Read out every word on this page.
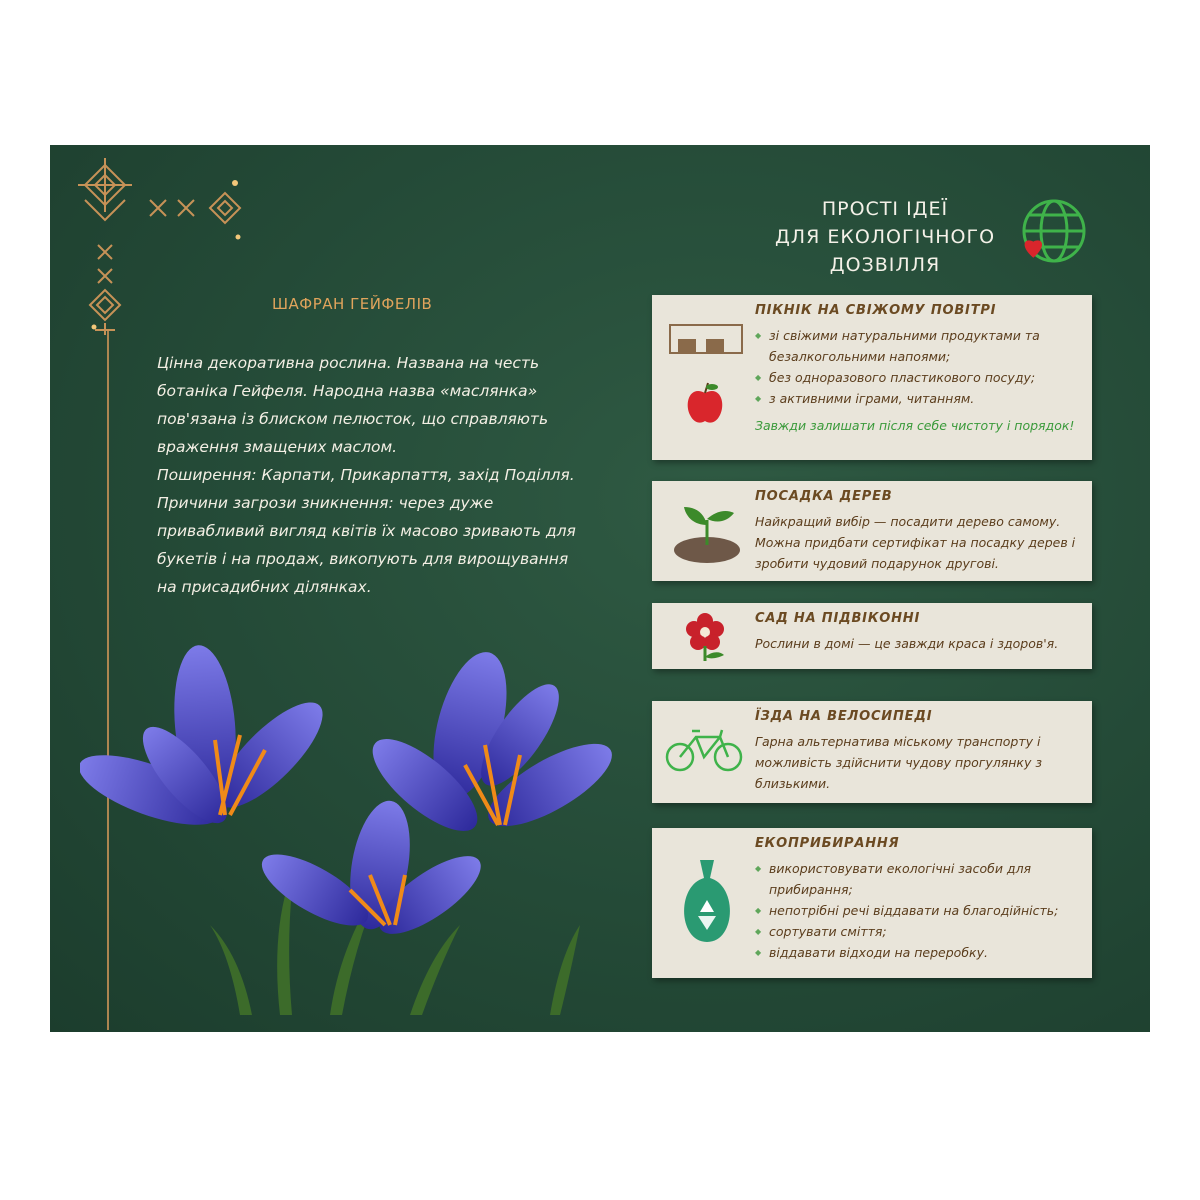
ШАФРАН ГЕЙФЕЛІВ

Цінна декоративна рослина. Названа на честь ботаніка Гейфеля. Народна назва «маслянка» пов'язана із блиском пелюсток, що справляють враження змащених маслом.

Поширення: Карпати, Прикарпаття, захід Поділля. Причини загрози зникнення: через дуже привабливий вигляд квітів їх масово зривають для букетів і на продаж, викопують для вирощування на присадибних ділянках.

ПРОСТІ ІДЕЇ
ДЛЯ ЕКОЛОГІЧНОГО
ДОЗВІЛЛЯ
ПІКНІК НА СВІЖОМУ ПОВІТРІ
◆ зі свіжими натуральними продуктами та безалкогольними напоями;
◆ без одноразового пластикового посуду;
◆ з активними іграми, читанням.
Завжди залишати після себе чистоту і порядок!
ПОСАДКА ДЕРЕВ
Найкращий вибір — посадити дерево самому. Можна придбати сертифікат на посадку дерев і зробити чудовий подарунок другові.
САД НА ПІДВІКОННІ
Рослини в домі — це завжди краса і здоров'я.
ЇЗДА НА ВЕЛОСИПЕДІ
Гарна альтернатива міському транспорту і можливість здійснити чудову прогулянку з близькими.
ЕКОПРИБИРАННЯ
◆ використовувати екологічні засоби для прибирання;
◆ непотрібні речі віддавати на благодійність;
◆ сортувати сміття;
◆ віддавати відходи на переробку.
